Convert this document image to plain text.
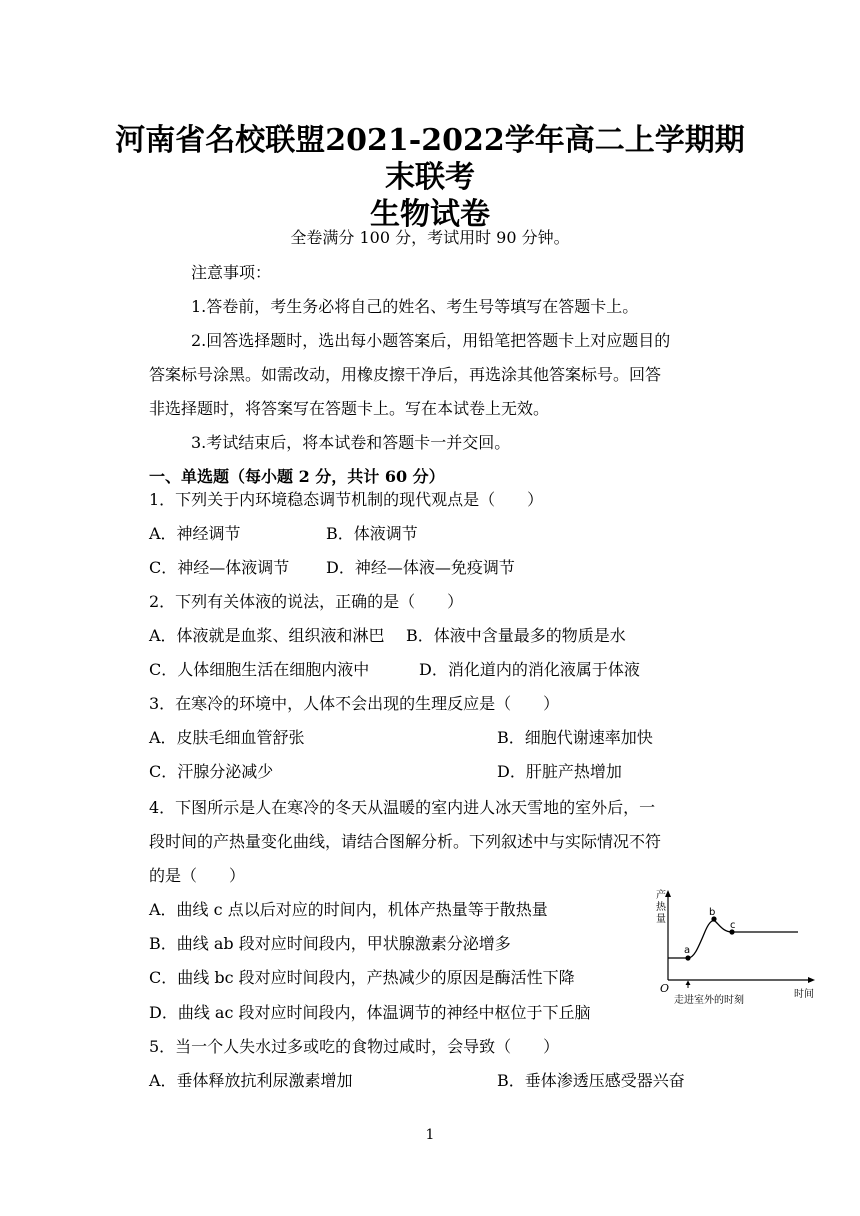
河南省名校联盟2021-2022学年高二上学期期
末联考
生物试卷
全卷满分 100 分，考试用时 90 分钟。
注意事项：
1.答卷前，考生务必将自己的姓名、考生号等填写在答题卡上。
2.回答选择题时，选出每小题答案后，用铅笔把答题卡上对应题目的
答案标号涂黑。如需改动，用橡皮擦干净后，再选涂其他答案标号。回答
非选择题时，将答案写在答题卡上。写在本试卷上无效。
3.考试结束后，将本试卷和答题卡一并交回。
一、单选题（每小题 2 分，共计 60 分）
1．下列关于内环境稳态调节机制的现代观点是（　　）
A．神经调节	B．体液调节
C．神经—体液调节 D．神经—体液—免疫调节
2．下列有关体液的说法，正确的是（　　）
A．体液就是血浆、组织液和淋巴 B．体液中含量最多的物质是水
C．人体细胞生活在细胞内液中	D．消化道内的消化液属于体液
3．在寒冷的环境中，人体不会出现的生理反应是（　　）
A．皮肤毛细血管舒张	B．细胞代谢速率加快
C．汗腺分泌减少	D．肝脏产热增加
4．下图所示是人在寒冷的冬天从温暖的室内进人冰天雪地的室外后，一
段时间的产热量变化曲线，请结合图解分析。下列叙述中与实际情况不符
的是（　　）
A．曲线 c 点以后对应的时间内，机体产热量等于散热量
B．曲线 ab 段对应时间段内，甲状腺激素分泌增多
C．曲线 bc 段对应时间段内，产热减少的原因是酶活性下降
D．曲线 ac 段对应时间段内，体温调节的神经中枢位于下丘脑
5．当一个人失水过多或吃的食物过咸时，会导致（　　）
A．垂体释放抗利尿激素增加	B．垂体渗透压感受器兴奋
产
热
量
O	时间
a
b
c
走进室外的时刻
1
